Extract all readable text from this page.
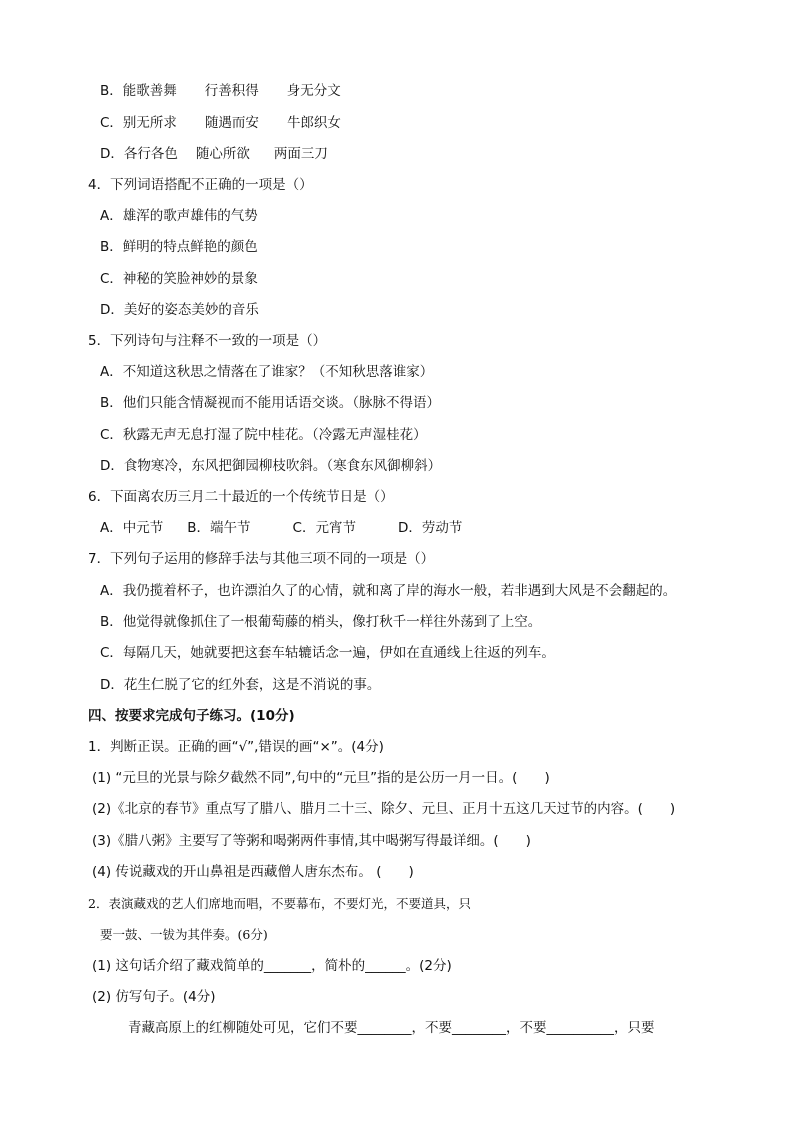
B．能歌善舞 行善积得 身无分文
C．别无所求 随遇而安 牛郎织女
D．各行各色 随心所欲 两面三刀
4．下列词语搭配不正确的一项是（）
A．雄浑的歌声雄伟的气势
B．鲜明的特点鲜艳的颜色
C．神秘的笑脸神妙的景象
D．美好的姿态美妙的音乐
5．下列诗句与注释不一致的一项是（）
A．不知道这秋思之情落在了谁家？（不知秋思落谁家）
B．他们只能含情凝视而不能用话语交谈。（脉脉不得语）
C．秋露无声无息打湿了院中桂花。（冷露无声湿桂花）
D．食物寒冷，东风把御园柳枝吹斜。（寒食东风御柳斜）
6．下面离农历三月二十最近的一个传统节日是（）
A．中元节 B．端午节	C．元宵节	D．劳动节
7．下列句子运用的修辞手法与其他三项不同的一项是（）
A．我仍揽着杯子，也许漂泊久了的心情，就和离了岸的海水一般，若非遇到大风是不会翻起的。
B．他觉得就像抓住了一根葡萄藤的梢头，像打秋千一样往外荡到了上空。
C．每隔几天，她就要把这套车轱辘话念一遍，伊如在直通线上往返的列车。
D．花生仁脱了它的红外套，这是不消说的事。
四、按要求完成句子练习。(10分)
1．判断正误。正确的画“√”,错误的画“×”。(4分)
(1) “元旦的光景与除夕截然不同”,句中的“元旦”指的是公历一月一日。(　　)
(2)《北京的春节》重点写了腊八、腊月二十三、除夕、元旦、正月十五这几天过节的内容。(　　)
(3)《腊八粥》主要写了等粥和喝粥两件事情,其中喝粥写得最详细。(　　)
(4) 传说藏戏的开山鼻祖是西藏僧人唐东杰布。 (　　)
2．表演藏戏的艺人们席地而唱，不要幕布，不要灯光，不要道具，只
要一鼓、一钹为其伴奏。(6分)
(1) 这句话介绍了藏戏简单的_______，简朴的______。(2分)
(2) 仿写句子。(4分)
青藏高原上的红柳随处可见，它们不要________，不要________，不要__________，只要
